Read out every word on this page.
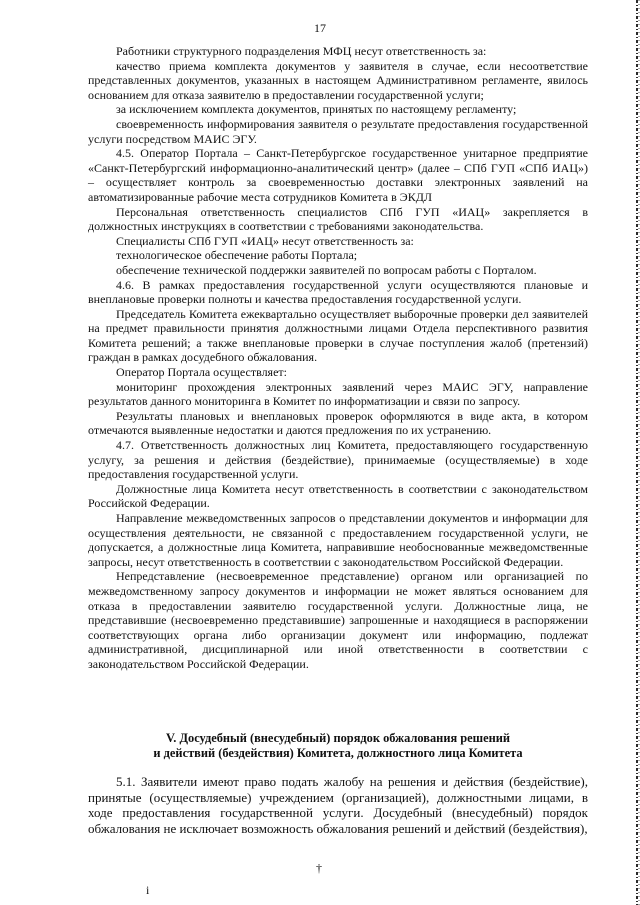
17

Работники структурного подразделения МФЦ несут ответственность за:

качество приема комплекта документов у заявителя в случае, если несоответствие представленных документов, указанных в настоящем Административном регламенте, явилось основанием для отказа заявителю в предоставлении государственной услуги;

за исключением комплекта документов, принятых по настоящему регламенту;

своевременность информирования заявителя о результате предоставления государственной услуги посредством МАИС ЭГУ.

4.5. Оператор Портала – Санкт-Петербургское государственное унитарное предприятие «Санкт-Петербургский информационно-аналитический центр» (далее – СПб ГУП «СПб ИАЦ») – осуществляет контроль за своевременностью доставки электронных заявлений на автоматизированные рабочие места сотрудников Комитета в ЭКДЛ

Персональная ответственность специалистов СПб ГУП «ИАЦ» закрепляется в должностных инструкциях в соответствии с требованиями законодательства.

Специалисты СПб ГУП «ИАЦ» несут ответственность за:

технологическое обеспечение работы Портала;

обеспечение технической поддержки заявителей по вопросам работы с Порталом.

4.6. В рамках предоставления государственной услуги осуществляются плановые и внеплановые проверки полноты и качества предоставления государственной услуги.

Председатель Комитета ежеквартально осуществляет выборочные проверки дел заявителей на предмет правильности принятия должностными лицами Отдела перспективного развития Комитета решений; а также внеплановые проверки в случае поступления жалоб (претензий) граждан в рамках досудебного обжалования.

Оператор Портала осуществляет:

мониторинг прохождения электронных заявлений через МАИС ЭГУ, направление результатов данного мониторинга в Комитет по информатизации и связи по запросу.

Результаты плановых и внеплановых проверок оформляются в виде акта, в котором отмечаются выявленные недостатки и даются предложения по их устранению.

4.7. Ответственность должностных лиц Комитета, предоставляющего государственную услугу, за решения и действия (бездействие), принимаемые (осуществляемые) в ходе предоставления государственной услуги.

Должностные лица Комитета несут ответственность в соответствии с законодательством Российской Федерации.

Направление межведомственных запросов о представлении документов и информации для осуществления деятельности, не связанной с предоставлением государственной услуги, не допускается, а должностные лица Комитета, направившие необоснованные межведомственные запросы, несут ответственность в соответствии с законодательством Российской Федерации.

Непредставление (несвоевременное представление) органом или организацией по межведомственному запросу документов и информации не может являться основанием для отказа в предоставлении заявителю государственной услуги. Должностные лица, не представившие (несвоевременно представившие) запрошенные и находящиеся в распоряжении соответствующих органа либо организации документ или информацию, подлежат административной, дисциплинарной или иной ответственности в соответствии с законодательством Российской Федерации.

V. Досудебный (внесудебный) порядок обжалования решений
и действий (бездействия) Комитета, должностного лица Комитета

5.1. Заявители имеют право подать жалобу на решения и действия (бездействие), принятые (осуществляемые) учреждением (организацией), должностными лицами, в ходе предоставления государственной услуги. Досудебный (внесудебный) порядок обжалования не исключает возможность обжалования решений и действий (бездействия),

†
i
